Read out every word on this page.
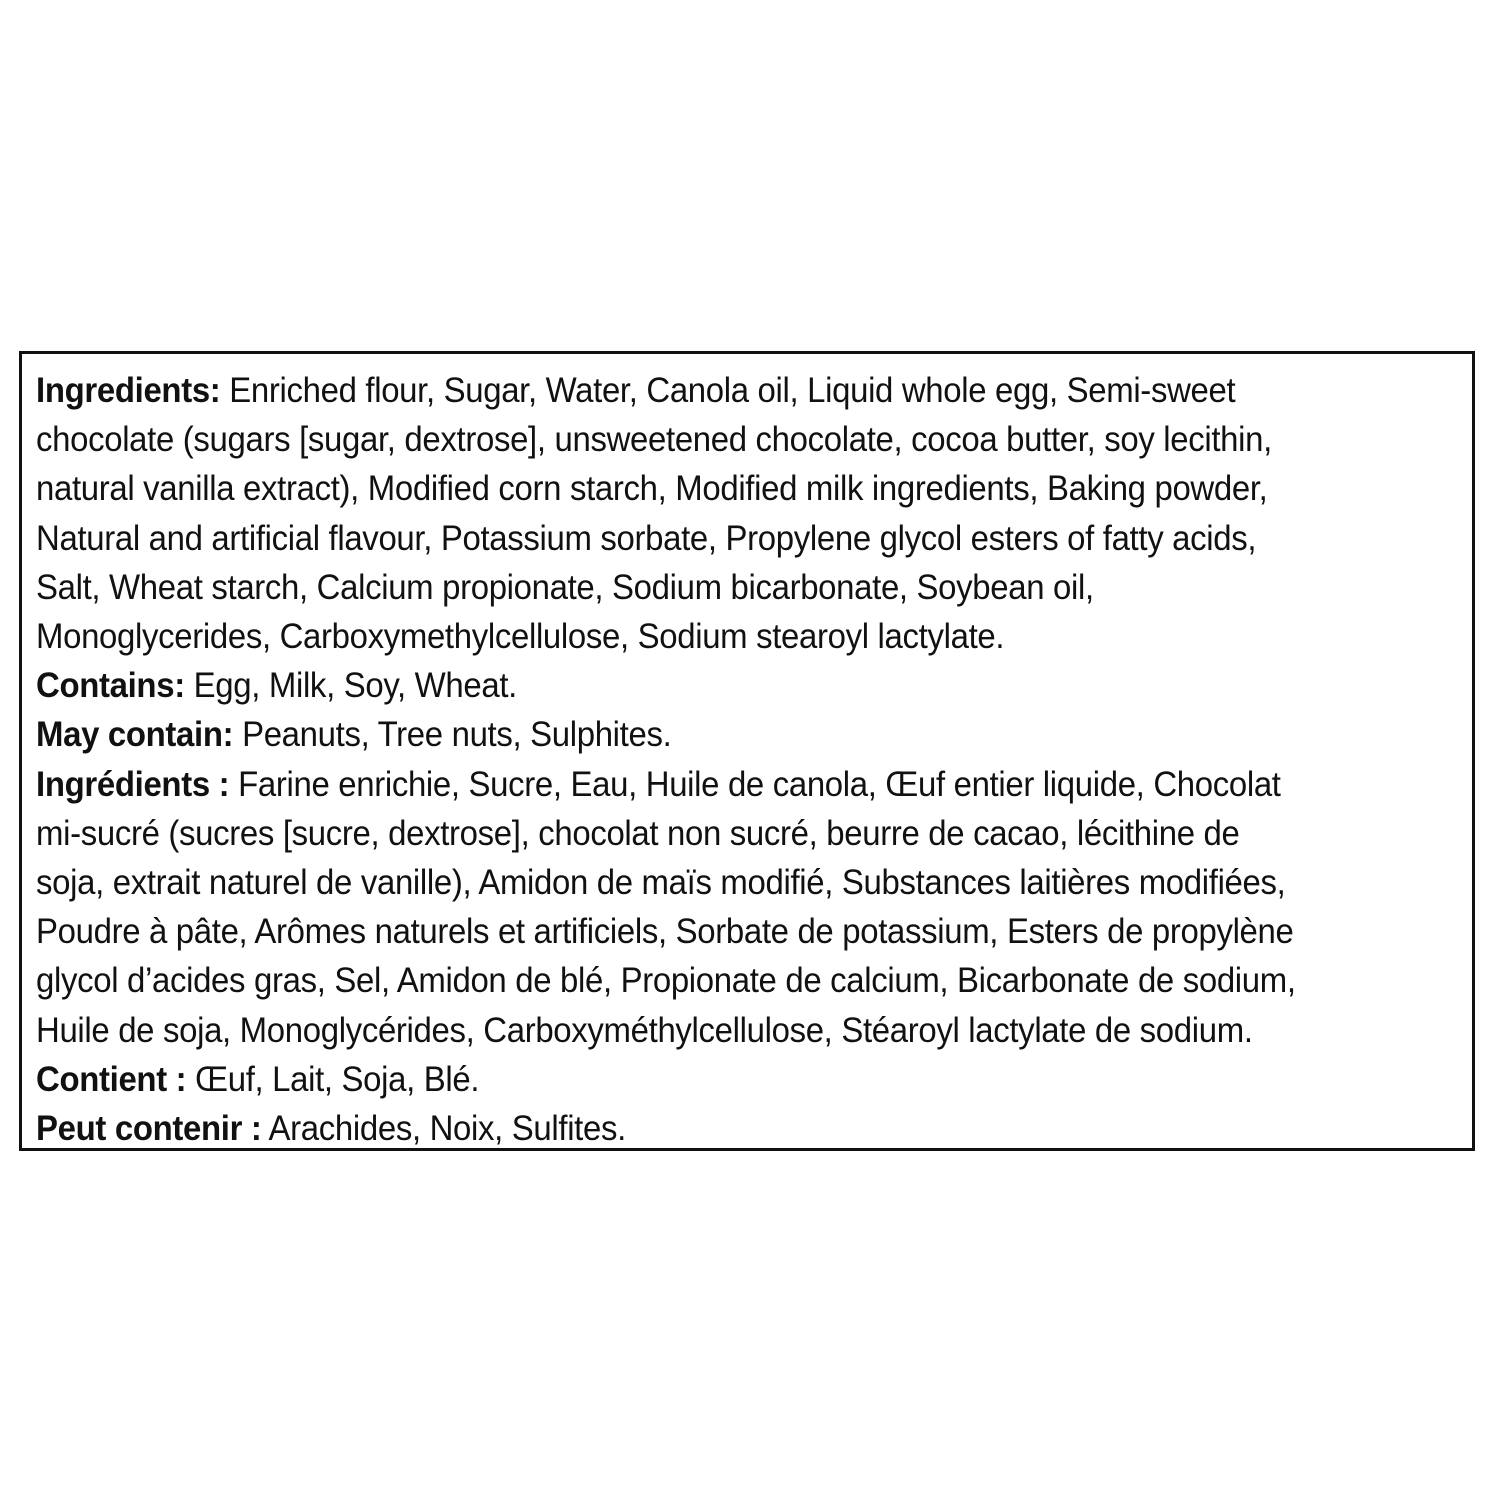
Ingredients: Enriched flour, Sugar, Water, Canola oil, Liquid whole egg, Semi-sweet
chocolate (sugars [sugar, dextrose], unsweetened chocolate, cocoa butter, soy lecithin,
natural vanilla extract), Modified corn starch, Modified milk ingredients, Baking powder,
Natural and artificial flavour, Potassium sorbate, Propylene glycol esters of fatty acids,
Salt, Wheat starch, Calcium propionate, Sodium bicarbonate, Soybean oil,
Monoglycerides, Carboxymethylcellulose, Sodium stearoyl lactylate.
Contains: Egg, Milk, Soy, Wheat.
May contain: Peanuts, Tree nuts, Sulphites.
Ingrédients : Farine enrichie, Sucre, Eau, Huile de canola, Œuf entier liquide, Chocolat
mi-sucré (sucres [sucre, dextrose], chocolat non sucré, beurre de cacao, lécithine de
soja, extrait naturel de vanille), Amidon de maïs modifié, Substances laitières modifiées,
Poudre à pâte, Arômes naturels et artificiels, Sorbate de potassium, Esters de propylène
glycol d’acides gras, Sel, Amidon de blé, Propionate de calcium, Bicarbonate de sodium,
Huile de soja, Monoglycérides, Carboxyméthylcellulose, Stéaroyl lactylate de sodium.
Contient : Œuf, Lait, Soja, Blé.
Peut contenir : Arachides, Noix, Sulfites.
